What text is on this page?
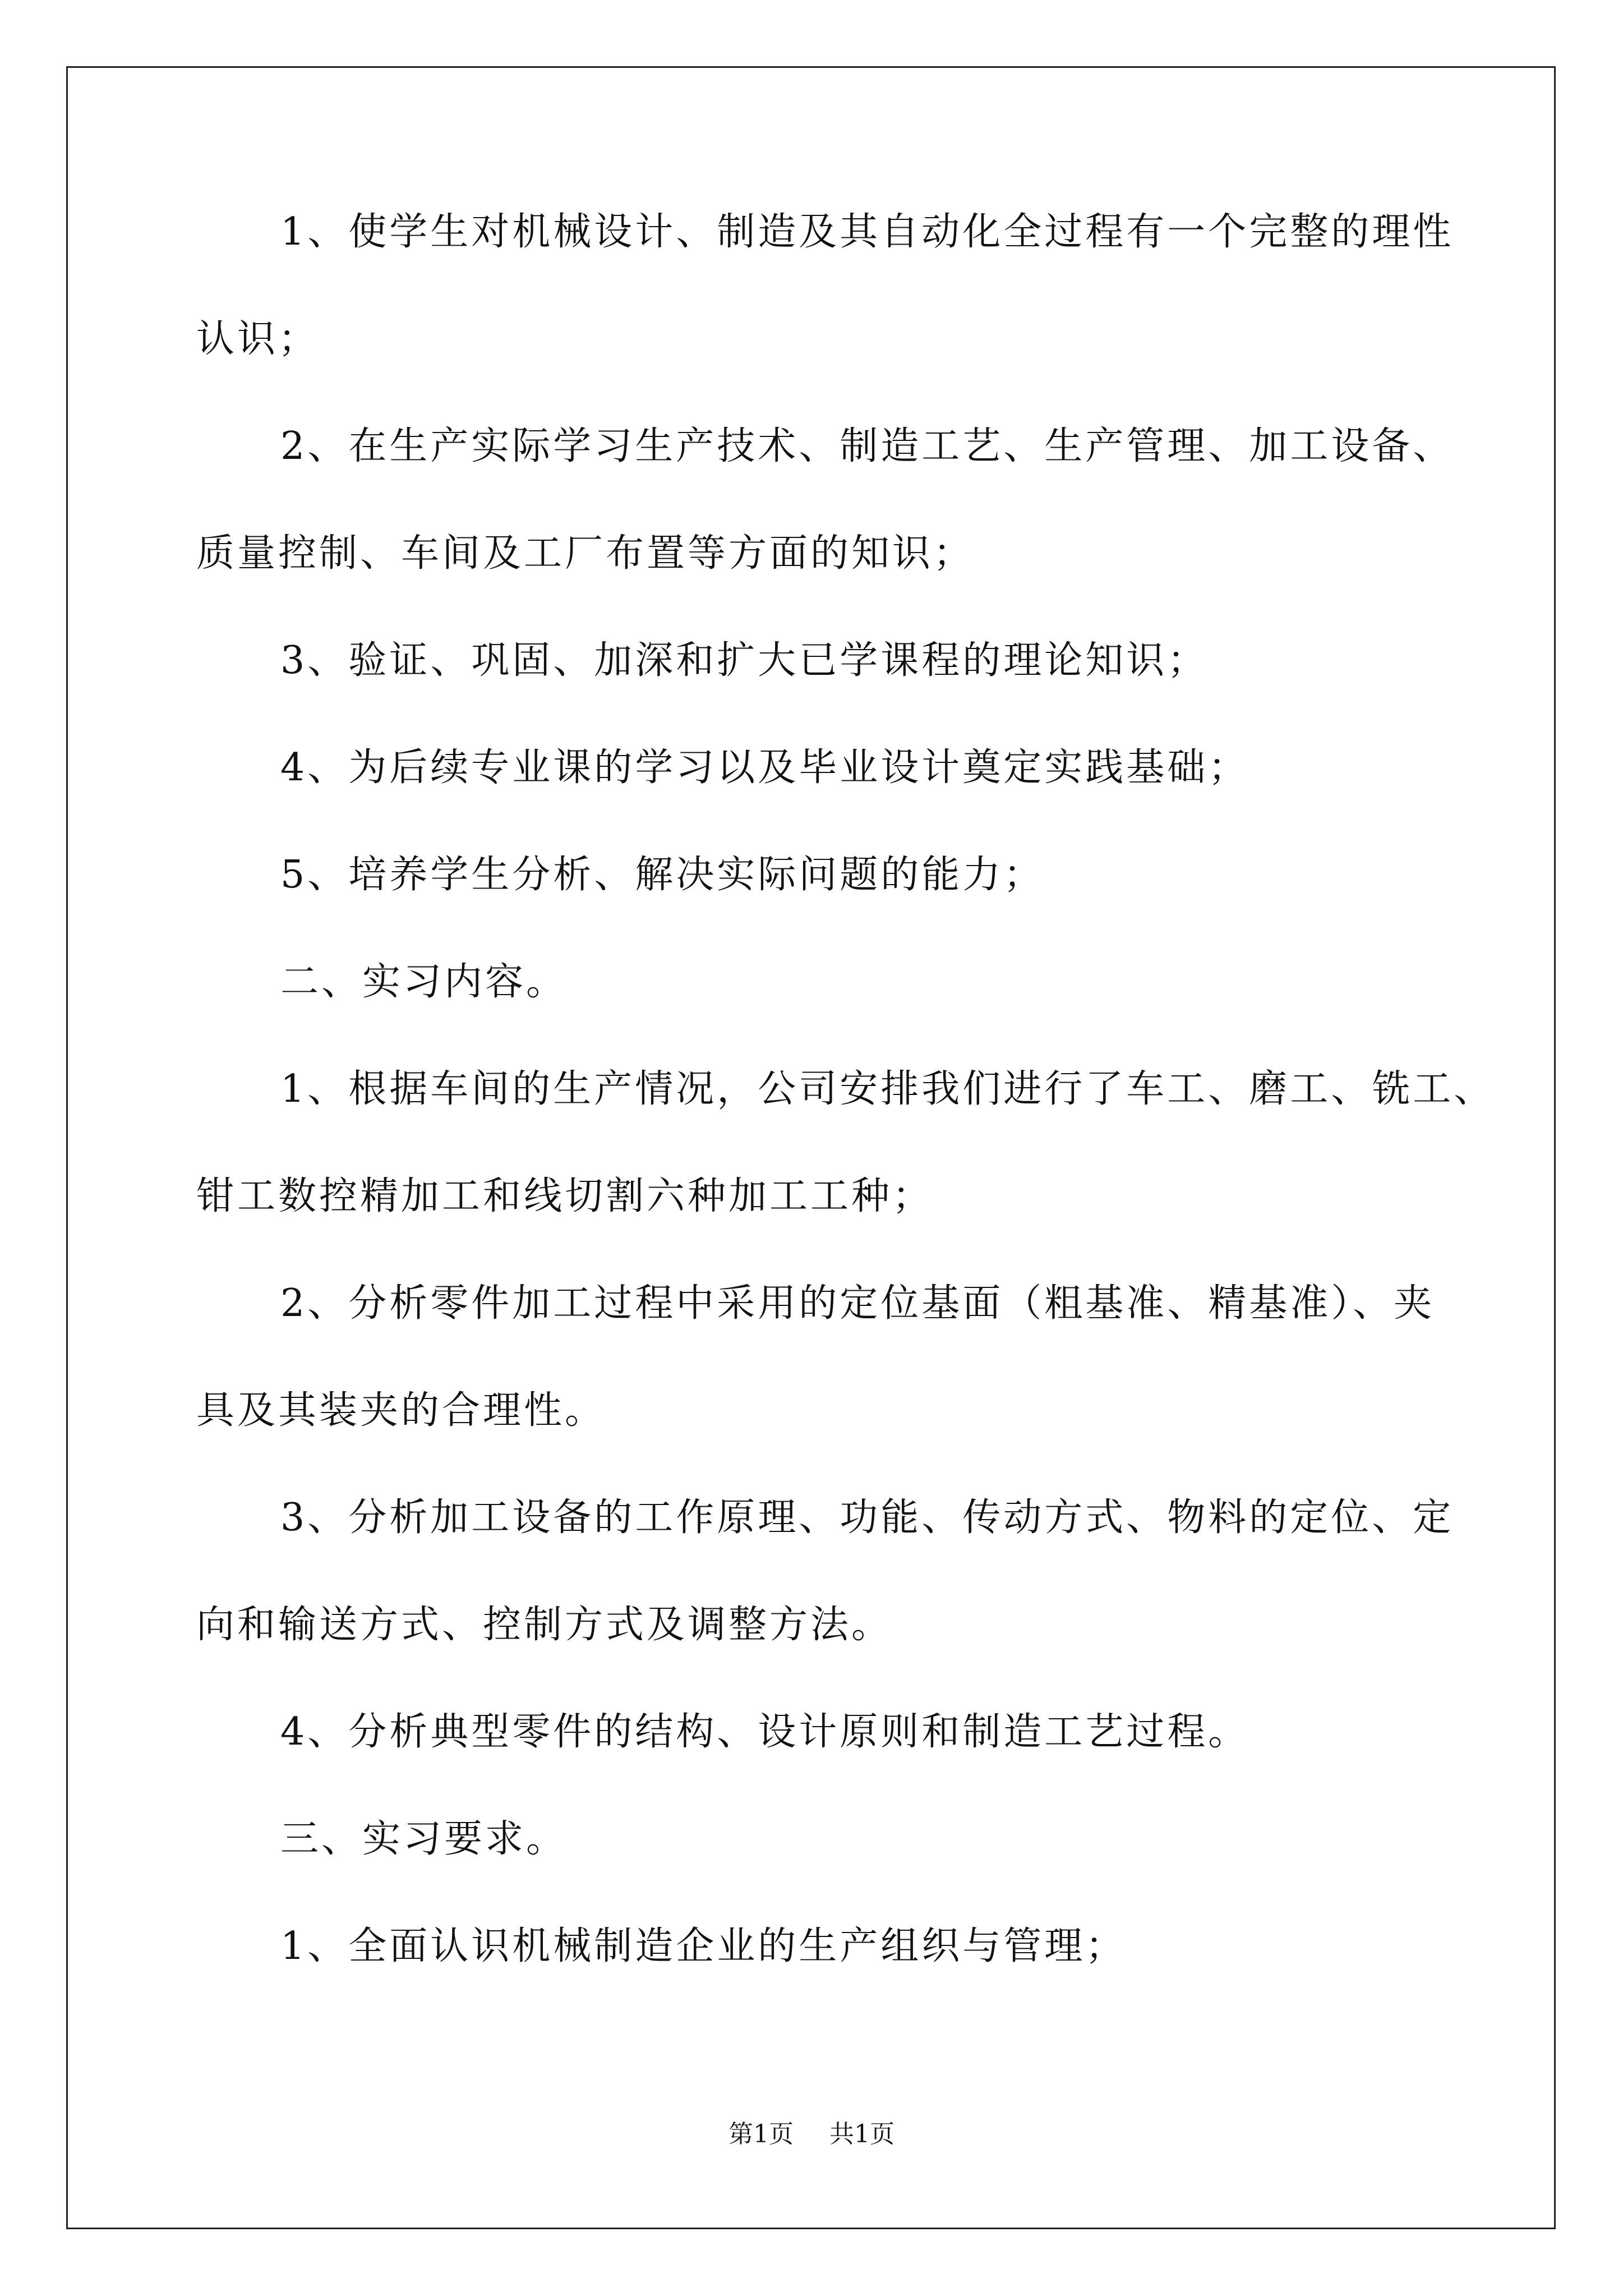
1、使学生对机械设计、制造及其自动化全过程有一个完整的理性
认识；
2、在生产实际学习生产技术、制造工艺、生产管理、加工设备、
质量控制、车间及工厂布置等方面的知识；
3、验证、巩固、加深和扩大已学课程的理论知识；
4、为后续专业课的学习以及毕业设计奠定实践基础；
5、培养学生分析、解决实际问题的能力；
二、实习内容。
1、根据车间的生产情况，公司安排我们进行了车工、磨工、铣工、
钳工数控精加工和线切割六种加工工种；
2、分析零件加工过程中采用的定位基面（粗基准、精基准）、夹
具及其装夹的合理性。
3、分析加工设备的工作原理、功能、传动方式、物料的定位、定
向和输送方式、控制方式及调整方法。
4、分析典型零件的结构、设计原则和制造工艺过程。
三、实习要求。
1、全面认识机械制造企业的生产组织与管理；
第1页 共1页
